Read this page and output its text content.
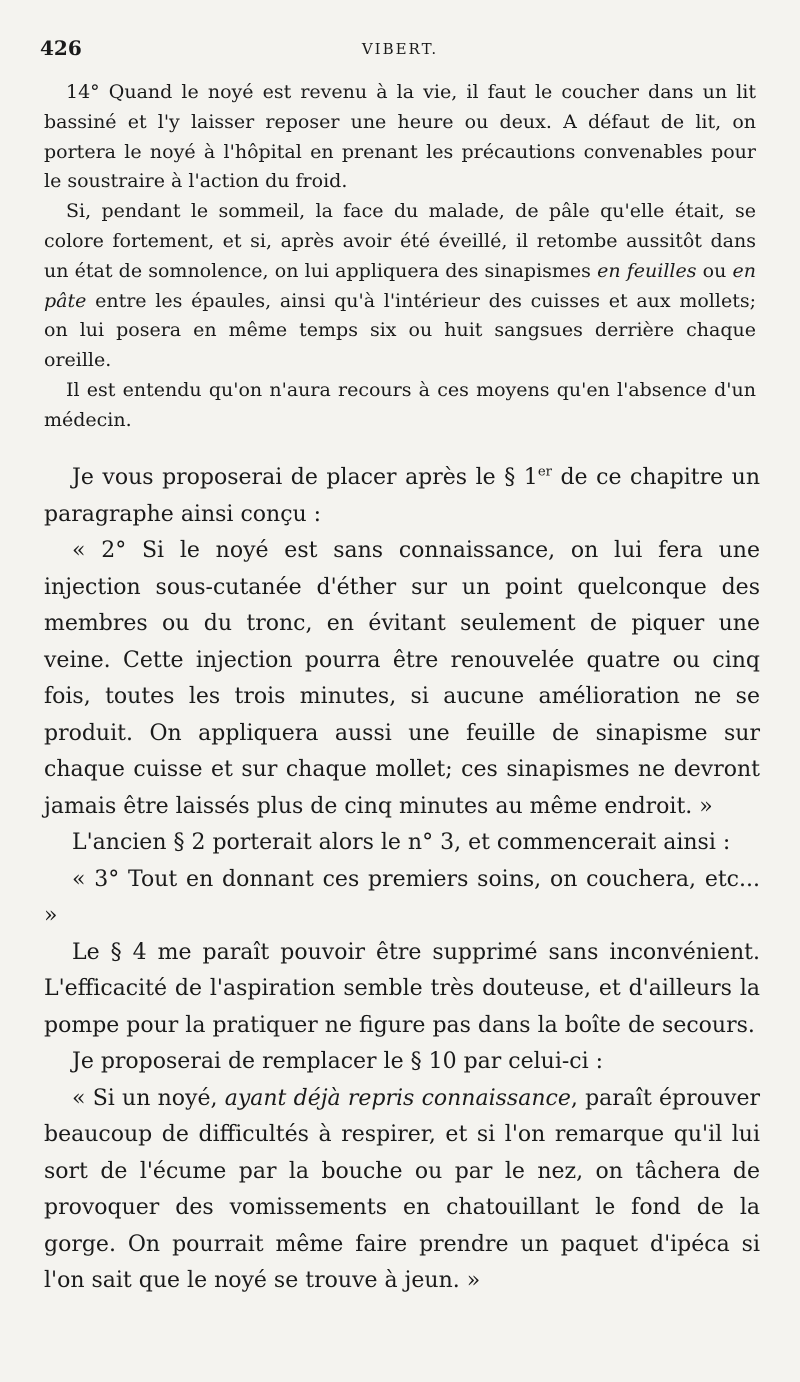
426	VIBERT.

14° Quand le noyé est revenu à la vie, il faut le coucher dans un lit bassiné et l'y laisser reposer une heure ou deux. A défaut de lit, on portera le noyé à l'hôpital en prenant les précautions convenables pour le soustraire à l'action du froid.

Si, pendant le sommeil, la face du malade, de pâle qu'elle était, se colore fortement, et si, après avoir été éveillé, il retombe aussitôt dans un état de somnolence, on lui appliquera des sinapismes en feuilles ou en pâte entre les épaules, ainsi qu'à l'intérieur des cuisses et aux mollets; on lui posera en même temps six ou huit sangsues derrière chaque oreille.

Il est entendu qu'on n'aura recours à ces moyens qu'en l'absence d'un médecin.

Je vous proposerai de placer après le § 1er de ce chapitre un paragraphe ainsi conçu :

« 2° Si le noyé est sans connaissance, on lui fera une injection sous-cutanée d'éther sur un point quelconque des membres ou du tronc, en évitant seulement de piquer une veine. Cette injection pourra être renouvelée quatre ou cinq fois, toutes les trois minutes, si aucune amélioration ne se produit. On appliquera aussi une feuille de sinapisme sur chaque cuisse et sur chaque mollet; ces sinapismes ne devront jamais être laissés plus de cinq minutes au même endroit. »

L'ancien § 2 porterait alors le n° 3, et commencerait ainsi :

« 3° Tout en donnant ces premiers soins, on couchera, etc... »

Le § 4 me paraît pouvoir être supprimé sans inconvénient. L'efficacité de l'aspiration semble très douteuse, et d'ailleurs la pompe pour la pratiquer ne figure pas dans la boîte de secours.

Je proposerai de remplacer le § 10 par celui-ci :

« Si un noyé, ayant déjà repris connaissance, paraît éprouver beaucoup de difficultés à respirer, et si l'on remarque qu'il lui sort de l'écume par la bouche ou par le nez, on tâchera de provoquer des vomissements en chatouillant le fond de la gorge. On pourrait même faire prendre un paquet d'ipéca si l'on sait que le noyé se trouve à jeun. »
